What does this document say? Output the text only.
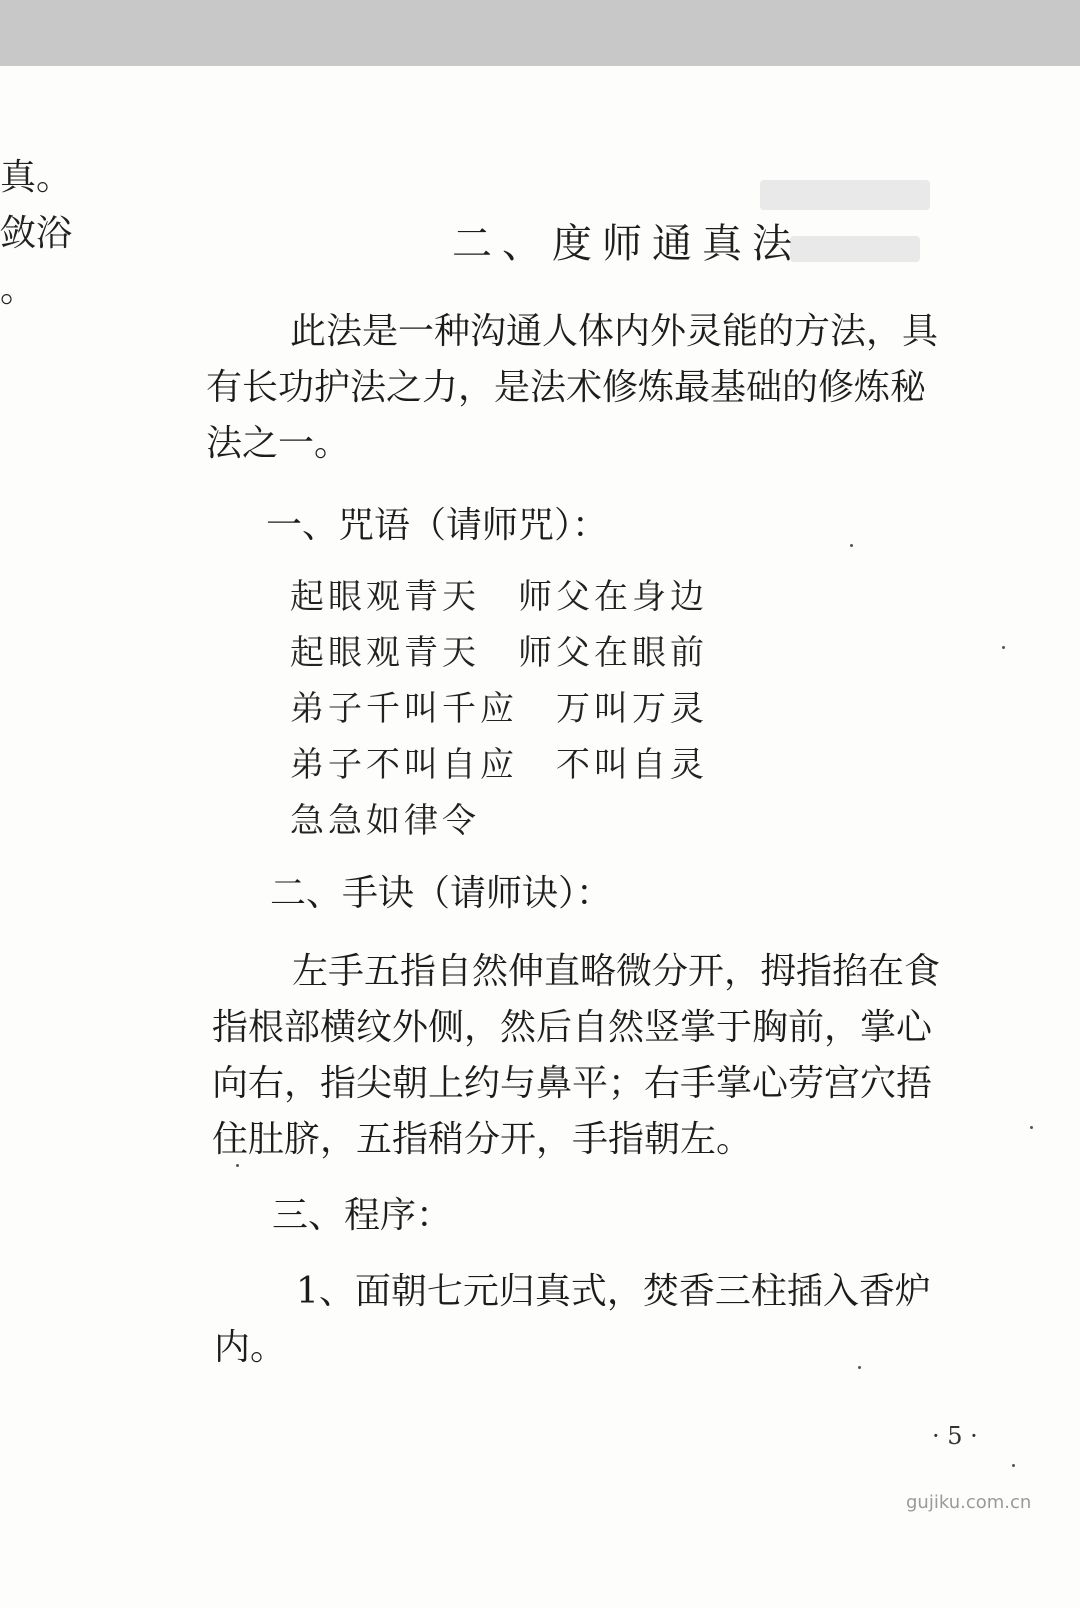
真。
敛浴
。
二、度师通真法
此法是一种沟通人体内外灵能的方法，具
有长功护法之力，是法术修炼最基础的修炼秘
法之一。
一、咒语（请师咒）：
起眼观青天　师父在身边
起眼观青天　师父在眼前
弟子千叫千应　万叫万灵
弟子不叫自应　不叫自灵
急急如律令
二、手诀（请师诀）：
左手五指自然伸直略微分开，拇指掐在食
指根部横纹外侧，然后自然竖掌于胸前，掌心
向右，指尖朝上约与鼻平；右手掌心劳宫穴捂
住肚脐，五指稍分开，手指朝左。
三、程序：
1、面朝七元归真式，焚香三柱插入香炉
内。
· 5 ·
gujiku.com.cn
